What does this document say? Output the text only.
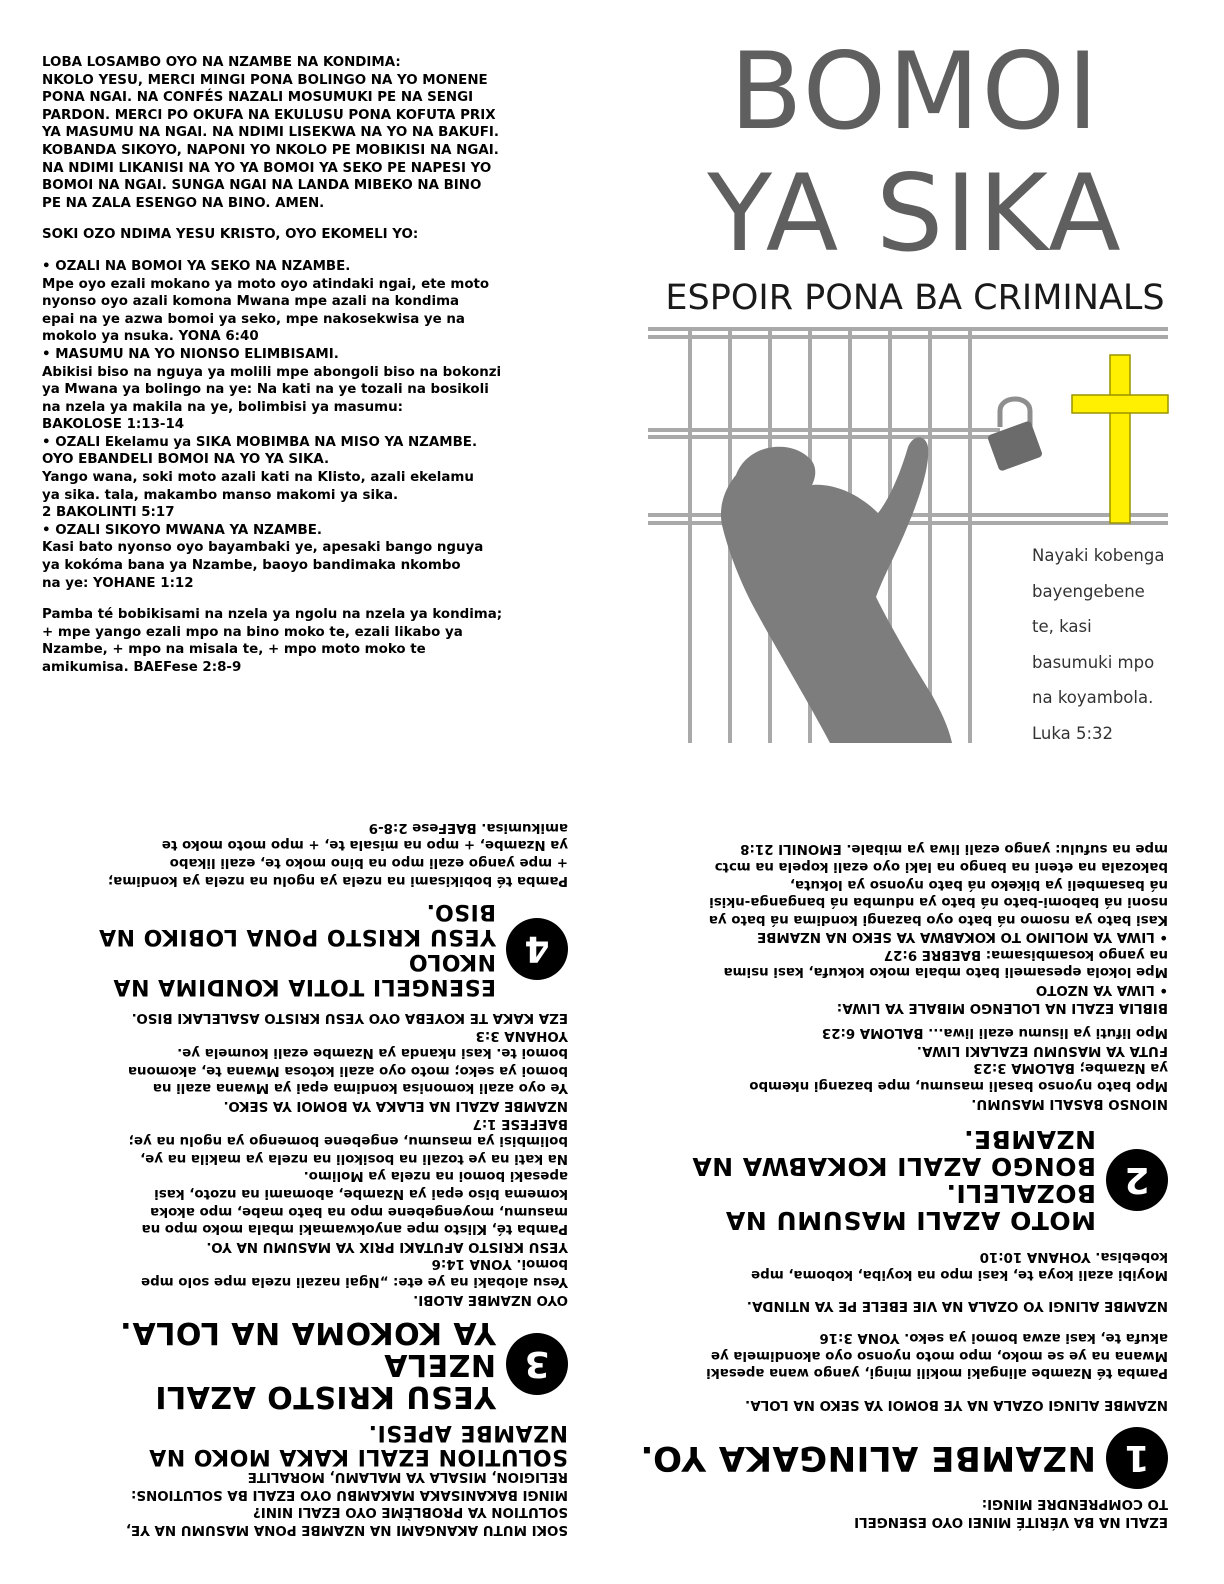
LOBA LOSAMBO OYO NA NZAMBE NA KONDIMA:
NKOLO YESU, MERCI MINGI PONA BOLINGO NA YO MONENE
PONA NGAI. NA CONFÉS NAZALI MOSUMUKI PE NA SENGI
PARDON. MERCI PO OKUFA NA EKULUSU PONA KOFUTA PRIX
YA MASUMU NA NGAI. NA NDIMI LISEKWA NA YO NA BAKUFI.
KOBANDA SIKOYO, NAPONI YO NKOLO PE MOBIKISI NA NGAI.
NA NDIMI LIKANISI NA YO YA BOMOI YA SEKO PE NAPESI YO
BOMOI NA NGAI. SUNGA NGAI NA LANDA MIBEKO NA BINO
PE NA ZALA ESENGO NA BINO. AMEN.

SOKI OZO NDIMA YESU KRISTO, OYO EKOMELI YO:

• OZALI NA BOMOI YA SEKO NA NZAMBE.
Mpe oyo ezali mokano ya moto oyo atindaki ngai, ete moto
nyonso oyo azali komona Mwana mpe azali na kondima
epai na ye azwa bomoi ya seko, mpe nakosekwisa ye na
mokolo ya nsuka. YONA 6:40
• MASUMU NA YO NIONSO ELIMBISAMI.
Abikisi biso na nguya ya molili mpe abongoli biso na bokonzi
ya Mwana ya bolingo na ye: Na kati na ye tozali na bosikoli
na nzela ya makila na ye, bolimbisi ya masumu:
BAKOLOSE 1:13-14
• OZALI Ekelamu ya SIKA MOBIMBA NA MISO YA NZAMBE.
OYO EBANDELI BOMOI NA YO YA SIKA.
Yango wana, soki moto azali kati na Klisto, azali ekelamu
ya sika. tala, makambo manso makomi ya sika.
2 BAKOLINTI 5:17
• OZALI SIKOYO MWANA YA NZAMBE.
Kasi bato nyonso oyo bayambaki ye, apesaki bango nguya
ya kokóma bana ya Nzambe, baoyo bandimaka nkombo
na ye: YOHANE 1:12

Pamba té bobikisami na nzela ya ngolu na nzela ya kondima;
+ mpe yango ezali mpo na bino moko te, ezali likabo ya
Nzambe, + mpo na misala te, + mpo moto moko te
amikumisa. BAEFese 2:8-9

BOMOI
YA SIKA
ESPOIR PONA BA CRIMINALS

Nayaki kobenga

bayengebene

te, kasi

basumuki mpo

na koyambola.

Luka 5:32

EZALI NA BA VÉRITÉ MINEI OYO ESENGELI
TO COMPRENDRE MINGI:

1

NZAMBE ALINGAKA YO.

NZAMBE ALINGI OZALA NA YE BOMOI YA SEKO NA LOLA.

Pamba té Nzambe alingaki mokili mingi, yango wana apesaki
Mwana na ye se moko, mpo moto nyonso oyo akondimela ye
akufa te, kasi azwa bomoi ya seko. YONA 3:16

NZAMBE ALINGI YO OZALA NA VIE EBELE PE YA NTINDA.

Moyibi azali koya te, kasi mpo na koyiba, koboma, mpe
kobebisa. YOHANA 10:10

2

MOTO AZALI MASUMU NA BOZALELI.
BONGO AZALI KOKABWA NA NZAMBE.

NIONSO BASALI MASUMU.

Mpo bato nyonso basali masumu, mpe bazangi nkembo
ya Nzambe; BALOMA 3:23

FUTA YA MASUMU EZALAKI LIWA.

Mpo lifuti ya lisumu ezali liwa... BALOMA 6:23

BIBLIA EZALI NA LOLENGO MIBALE YA LIWA:

• LIWA YA NZOTO

Mpe lokola epesameli bato mbala moko kokufa, kasi nsima
na yango kosambisama: BAEBRE 9:27

• LIWA YA MOLIMO TO KOKABWA YA SEKO NA NZAMBE

Kasi bato ya nsomo ná bato oyo bazangi kondima ná bato ya
nsoni ná babomi-bato ná bato ya ndumba ná banganga-nkisi
ná basambeli ya bikeko ná bato nyonso ya lokuta,
bakozala na eteni na bango na laki oyo ezali kopela na mɔtɔ
mpe na sufulu: yango ezali liwa ya mibale. EMONILI 21:8

SOKI MUTU AKANGAMI NA NZAMBE PONA MASUMU NA YE,
SOLUTION YA PROBLÈME OYO EZALI NINI?
MINGI BAKANISAKA MAKAMBU OYO EZALI BA SOLUTIONS:
RELIGION, MISALA YA MALAMU, MORALITE

SOLUTION EZALI KAKA MOKO NA
NZAMBE APESI.

3

YESU KRISTO AZALI NZELA
YA KOKOMA NA LOLA.

OYO NZAMBE ALOBI.

Yesu alobaki na ye ete: „Ngai nazali nzela mpe solo mpe
bomoi. YONA 14:6
YESU KRISTO AFUTAKI PRIX YA MASUMU NA YO.
Pamba té, Klisto mpe anyokwamaki mbala moko mpo na
masumu, moyengebene mpo na bato mabe, mpo akoka
komema biso epai ya Nzambe, abomami na nzoto, kasi
apesaki bomoi na nzela ya Molimo.
Na kati na ye tozali na bosikoli na nzela ya makila na ye,
bolimbisi ya masumu, engebene bomengo ya ngolu na ye;
BAEFESE 1:7
NZAMBE AZALI NA ELAKA YA BOMOI YA SEKO.
Ye oyo azali komonisa kondima epai ya Mwana azali na
bomoi ya seko; moto oyo azali kotosa Mwana te, akomona
bomoi te. kasi nkanda ya Nzambe ezali koumela ye.
YOHANA 3:3
EZA KAKA TE KOYEBA OYO YESU KRISTO ASALELAKI BISO.

4

ESENGELI TOTIA KONDIMA NA NKOLO
YESU KRISTO PONA LOBIKO NA BISO.

Pamba té bobikisami na nzela ya ngolu na nzela ya kondima;
+ mpe yango ezali mpo na bino moko te, ezali likabo
ya Nzambe, + mpo na misala te, + mpo moto moko te
amikumisa. BAEFese 2:8-9
